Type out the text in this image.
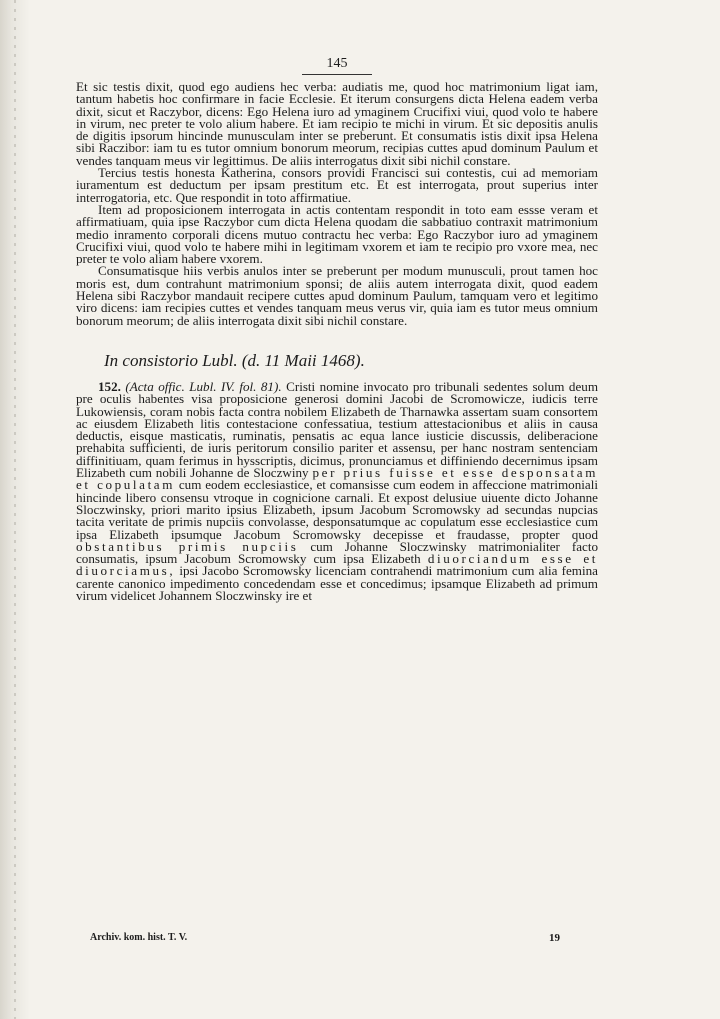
145

Et sic testis dixit, quod ego audiens hec verba: audiatis me, quod hoc matrimonium ligat iam, tantum habetis hoc confirmare in facie Ecclesie. Et iterum consurgens dicta Helena eadem verba dixit, sicut et Raczybor, dicens: Ego Helena iuro ad ymaginem Crucifixi viui, quod volo te habere in virum, nec preter te volo alium habere. Et iam recipio te michi in virum. Et sic depositis anulis de digitis ipsorum hincinde munusculam inter se preberunt. Et consumatis istis dixit ipsa Helena sibi Raczibor: iam tu es tutor omnium bonorum meorum, recipias cuttes apud dominum Paulum et vendes tanquam meus vir legittimus. De aliis interrogatus dixit sibi nichil constare.

Tercius testis honesta Katherina, consors providi Francisci sui contestis, cui ad memoriam iuramentum est deductum per ipsam prestitum etc. Et est interrogata, prout superius inter interrogatoria, etc. Que respondit in toto affirmatiue.

Item ad proposicionem interrogata in actis contentam respondit in toto eam essse veram et affirmatiuam, quia ipse Raczybor cum dicta Helena quodam die sabbatiuo contraxit matrimonium medio inramento corporali dicens mutuo contractu hec verba: Ego Raczybor iuro ad ymaginem Crucifixi viui, quod volo te habere mihi in legitimam vxorem et iam te recipio pro vxore mea, nec preter te volo aliam habere vxorem.

Consumatisque hiis verbis anulos inter se preberunt per modum munusculi, prout tamen hoc moris est, dum contrahunt matrimonium sponsi; de aliis autem interrogata dixit, quod eadem Helena sibi Raczybor mandauit recipere cuttes apud dominum Paulum, tamquam vero et legitimo viro dicens: iam recipies cuttes et vendes tanquam meus verus vir, quia iam es tutor meus omnium bonorum meorum; de aliis interrogata dixit sibi nichil constare.

In consistorio Lubl. (d. 11 Maii 1468).

152. (Acta offic. Lubl. IV. fol. 81). Cristi nomine invocato pro tribunali sedentes solum deum pre oculis habentes visa proposicione generosi domini Jacobi de Scromowicze, iudicis terre Lukowiensis, coram nobis facta contra nobilem Elizabeth de Tharnawka assertam suam consortem ac eiusdem Elizabeth litis contestacione confessatiua, testium attestacionibus et aliis in causa deductis, eisque masticatis, ruminatis, pensatis ac equa lance iusticie discussis, deliberacione prehabita sufficienti, de iuris peritorum consilio pariter et assensu, per hanc nostram sentenciam diffinitiuam, quam ferimus in hysscriptis, dicimus, pronunciamus et diffiniendo decernimus ipsam Elizabeth cum nobili Johanne de Sloczwiny per prius fuisse et esse desponsatam et copulatam cum eodem ecclesiastice, et comansisse cum eodem in affeccione matrimoniali hincinde libero consensu vtroque in cognicione carnali. Et expost delusiue uiuente dicto Johanne Sloczwinsky, priori marito ipsius Elizabeth, ipsum Jacobum Scromowsky ad secundas nupcias tacita veritate de primis nupciis convolasse, desponsatumque ac copulatum esse ecclesiastice cum ipsa Elizabeth ipsumque Jacobum Scromowsky decepisse et fraudasse, propter quod obstantibus primis nupciis cum Johanne Sloczwinsky matrimonialiter facto consumatis, ipsum Jacobum Scromowsky cum ipsa Elizabeth diuorciandum esse et diuorciamus, ipsi Jacobo Scromowsky licenciam contrahendi matrimonium cum alia femina carente canonico impedimento concedendam esse et concedimus; ipsamque Elizabeth ad primum virum videlicet Johannem Sloczwinsky ire et

Archiv. kom. hist. T. V.	19
